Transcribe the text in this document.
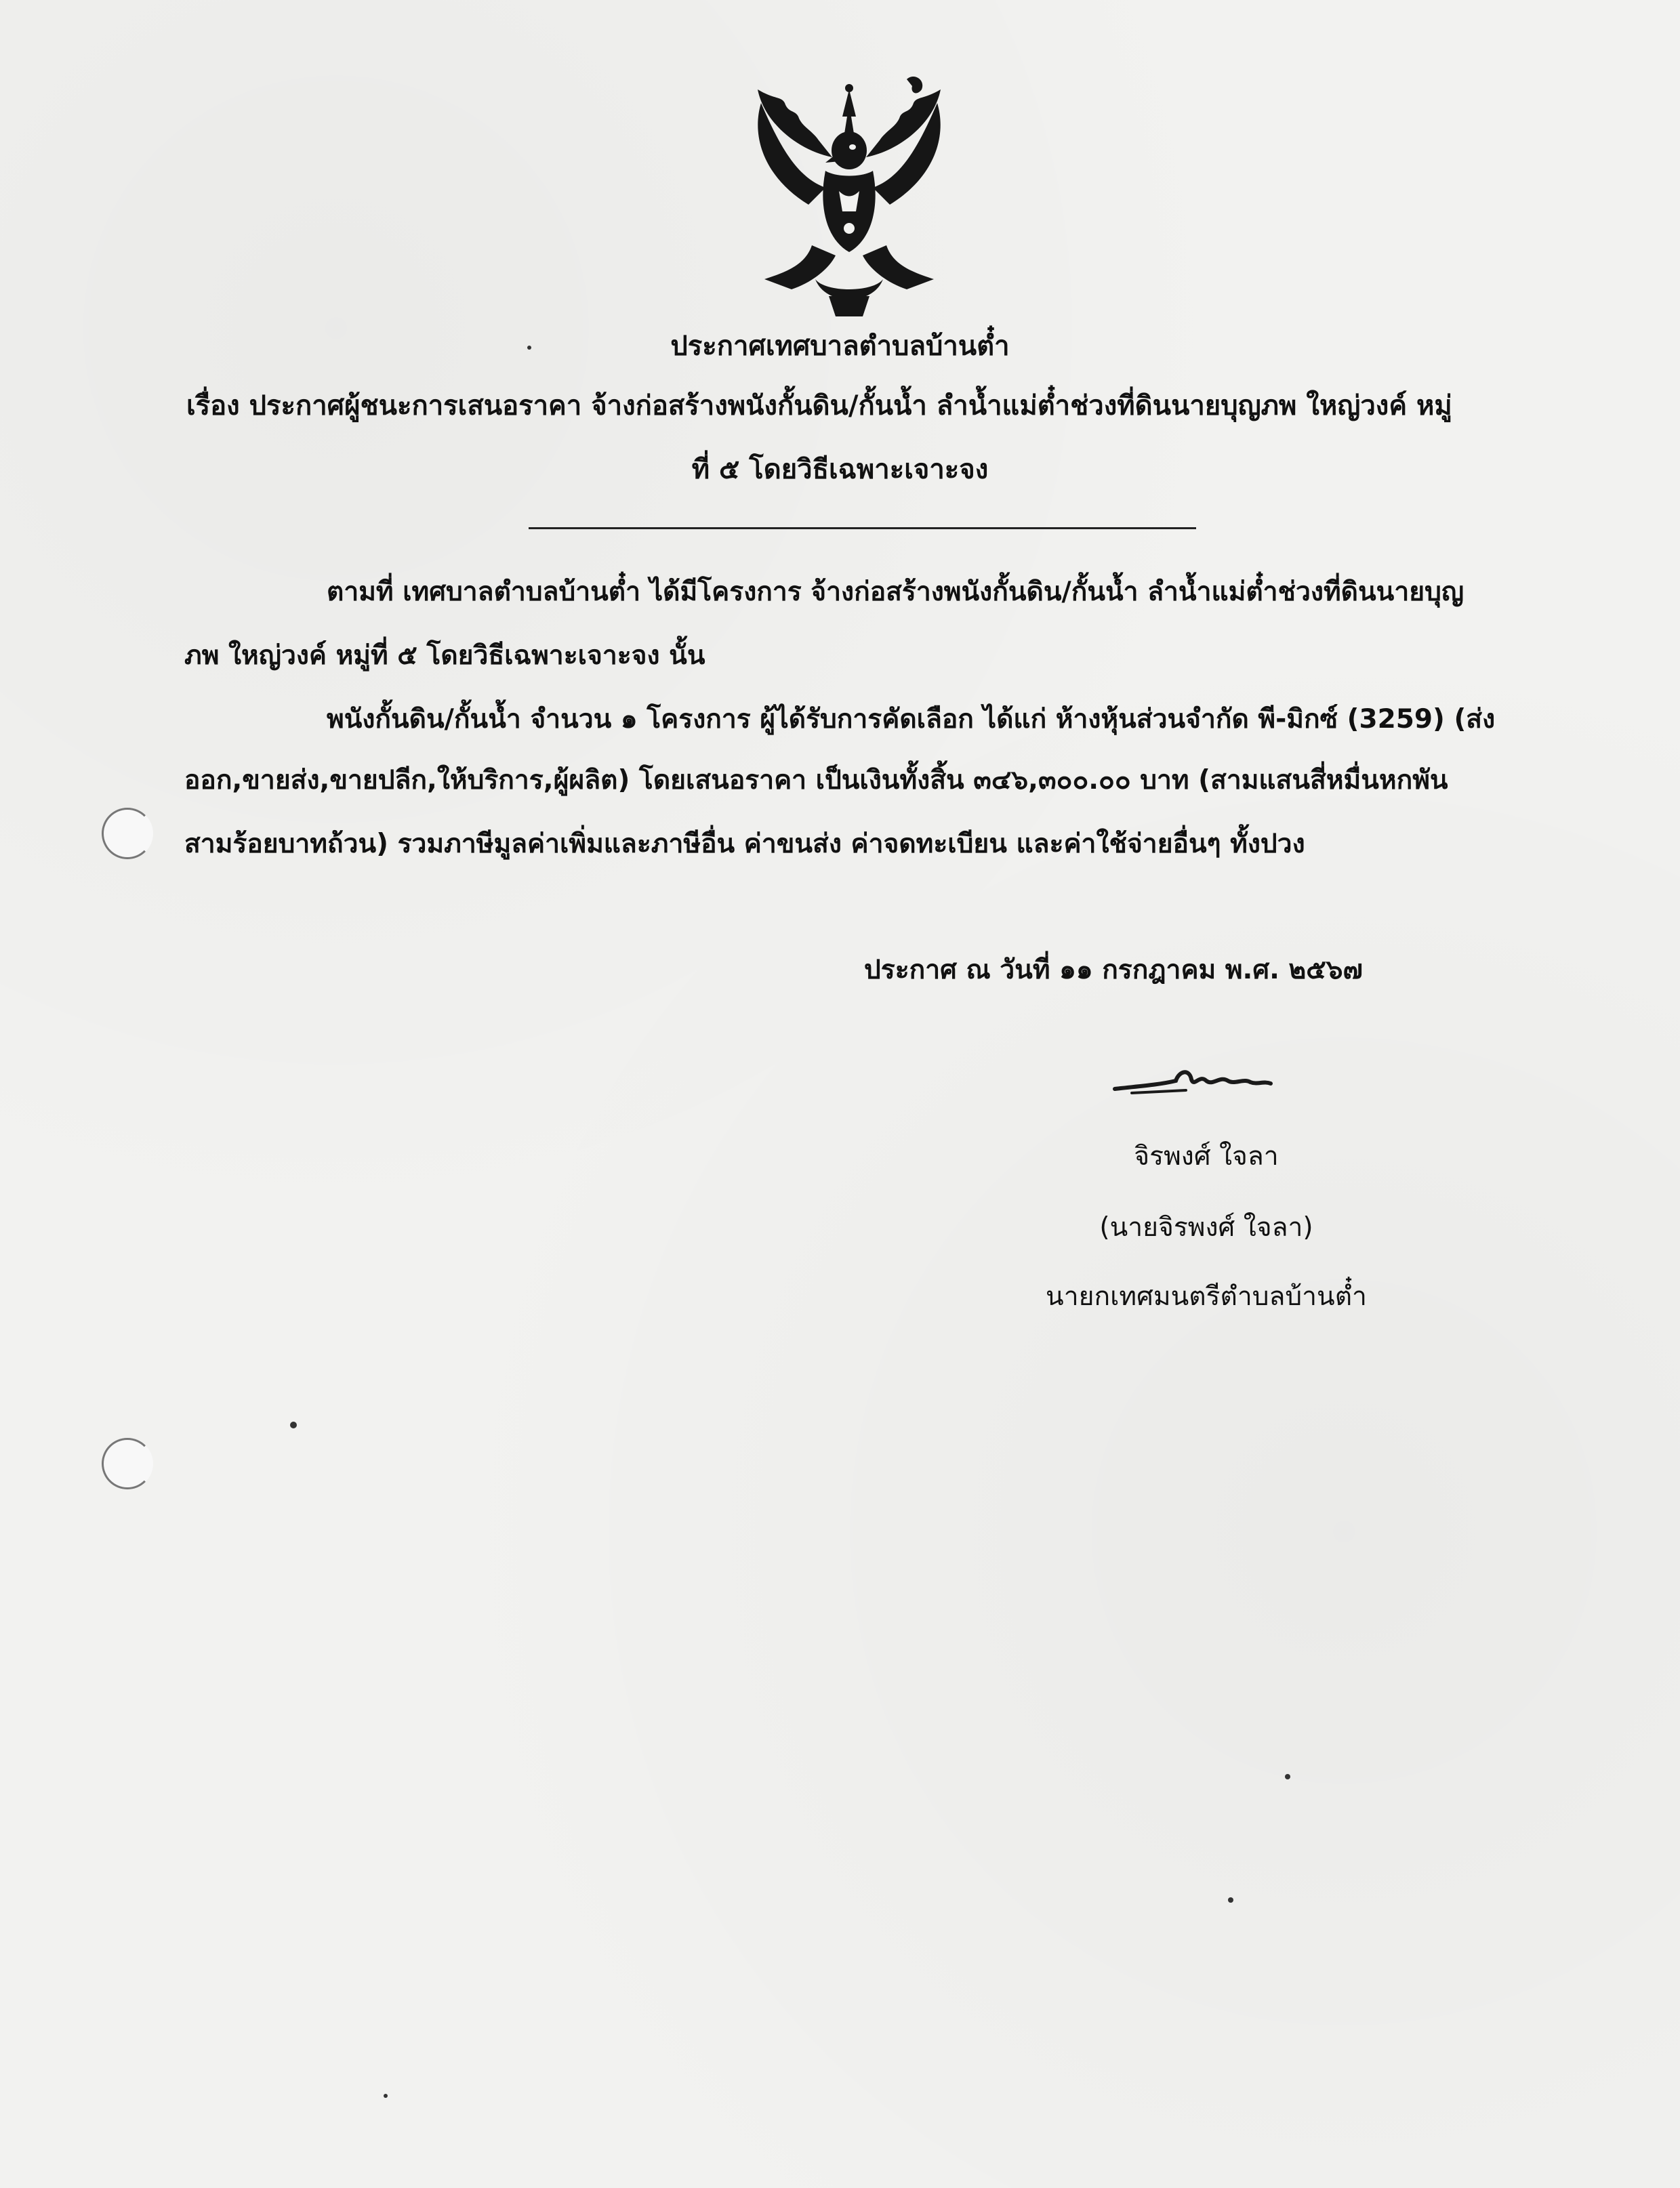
ประกาศเทศบาลตำบลบ้านต๋ำ
เรื่อง ประกาศผู้ชนะการเสนอราคา จ้างก่อสร้างพนังกั้นดิน/กั้นน้ำ ลำน้ำแม่ต๋ำช่วงที่ดินนายบุญภพ ใหญ่วงค์ หมู่
ที่ ๕ โดยวิธีเฉพาะเจาะจง
ตามที่ เทศบาลตำบลบ้านต๋ำ ได้มีโครงการ จ้างก่อสร้างพนังกั้นดิน/กั้นน้ำ ลำน้ำแม่ต๋ำช่วงที่ดินนายบุญ
ภพ ใหญ่วงค์ หมู่ที่ ๕ โดยวิธีเฉพาะเจาะจง นั้น
พนังกั้นดิน/กั้นน้ำ จำนวน ๑ โครงการ ผู้ได้รับการคัดเลือก ได้แก่ ห้างหุ้นส่วนจำกัด พี-มิกซ์ (3259) (ส่ง
ออก,ขายส่ง,ขายปลีก,ให้บริการ,ผู้ผลิต) โดยเสนอราคา เป็นเงินทั้งสิ้น ๓๔๖,๓๐๐.๐๐ บาท (สามแสนสี่หมื่นหกพัน
สามร้อยบาทถ้วน) รวมภาษีมูลค่าเพิ่มและภาษีอื่น ค่าขนส่ง ค่าจดทะเบียน และค่าใช้จ่ายอื่นๆ ทั้งปวง
ประกาศ ณ วันที่ ๑๑ กรกฎาคม พ.ศ. ๒๕๖๗
จิรพงศ์ ใจลา
(นายจิรพงศ์ ใจลา)
นายกเทศมนตรีตำบลบ้านต๋ำ
